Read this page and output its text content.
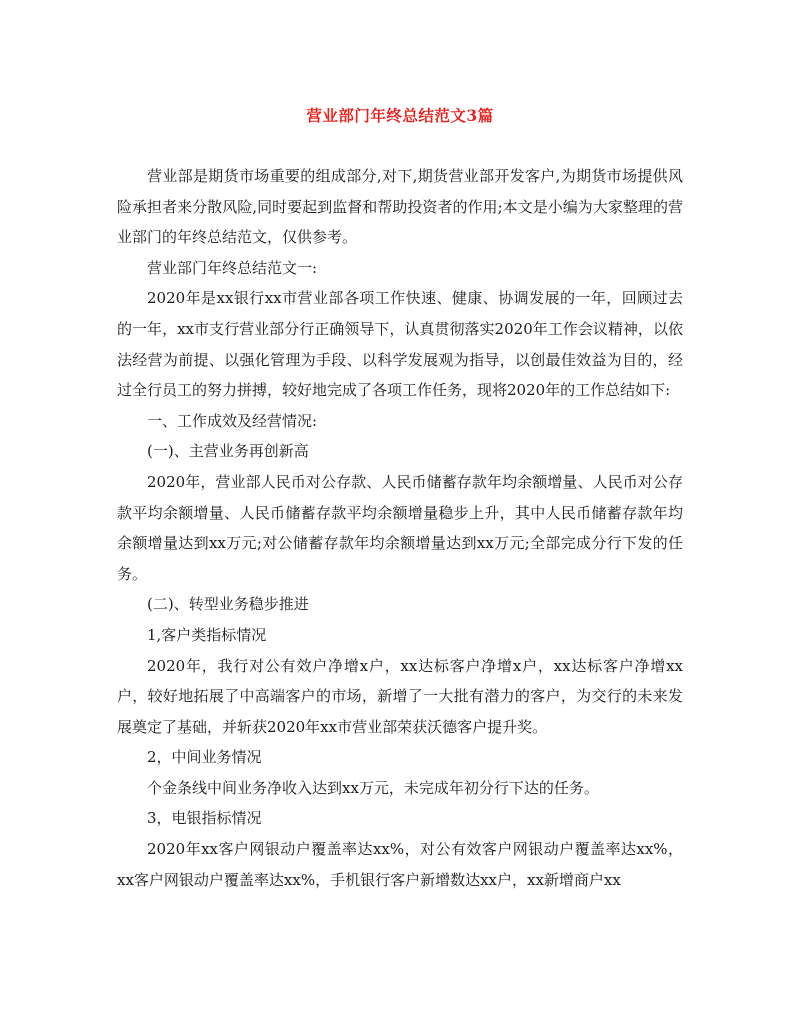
营业部门年终总结范文3篇

营业部是期货市场重要的组成部分,对下,期货营业部开发客户,为期货市场提供风险承担者来分散风险,同时要起到监督和帮助投资者的作用;本文是小编为大家整理的营业部门的年终总结范文，仅供参考。

营业部门年终总结范文一:

2020年是xx银行xx市营业部各项工作快速、健康、协调发展的一年，回顾过去的一年，xx市支行营业部分行正确领导下，认真贯彻落实2020年工作会议精神，以依法经营为前提、以强化管理为手段、以科学发展观为指导，以创最佳效益为目的，经过全行员工的努力拼搏，较好地完成了各项工作任务，现将2020年的工作总结如下:

一、工作成效及经营情况:

(一)、主营业务再创新高

2020年，营业部人民币对公存款、人民币储蓄存款年均余额增量、人民币对公存款平均余额增量、人民币储蓄存款平均余额增量稳步上升，其中人民币储蓄存款年均余额增量达到xx万元;对公储蓄存款年均余额增量达到xx万元;全部完成分行下发的任务。

(二)、转型业务稳步推进

1,客户类指标情况

2020年，我行对公有效户净增x户，xx达标客户净增x户，xx达标客户净增xx户，较好地拓展了中高端客户的市场，新增了一大批有潜力的客户，为交行的未来发展奠定了基础，并斩获2020年xx市营业部荣获沃德客户提升奖。

2，中间业务情况

个金条线中间业务净收入达到xx万元，未完成年初分行下达的任务。

3，电银指标情况

2020年xx客户网银动户覆盖率达xx%，对公有效客户网银动户覆盖率达xx%，xx客户网银动户覆盖率达xx%，手机银行客户新增数达xx户，xx新增商户xx
